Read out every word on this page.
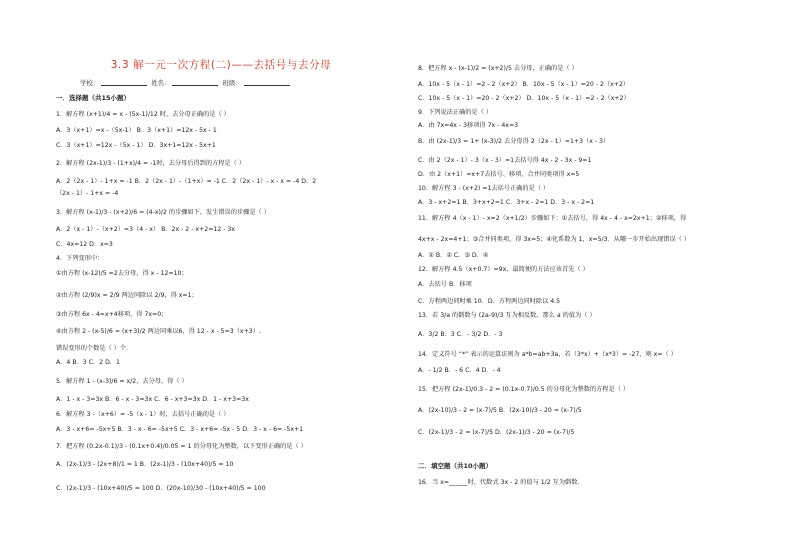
3.3 解一元一次方程(二)——去括号与去分母
学校：	姓名：	班级：
一．选择题（共15小题）
1．解方程 (x+1)/4 = x - (5x-1)/12 时，去分母正确的是（ ）
A．3（x+1）=x -（5x-1） B．3（x+1）=12x - 5x - 1
C．3（x+1）=12x -（5x - 1） D．3x+1=12x - 5x+1
2．解方程 (2x-1)/3 - (1+x)/4 = -1时，去分母后得到的方程是（ ）
A．2（2x - 1）- 1+x = -1 B．2（2x - 1）-（1+x）= -1 C．2（2x - 1）- x - x = -4 D．2
（2x - 1）- 1+x = -4
3．解方程 (x-1)/3 - (x+2)/6 = (4-x)/2 的步骤如下，发生错误的步骤是（ ）
A．2（x - 1）-（x+2）=3（4 - x） B．2x - 2 - x+2=12 - 3x
C．4x=12 D．x=3
4．下列变形中：
①由方程 (x-12)/5 =2去分母，得 x - 12=10；
②由方程 (2/9)x = 2/9 两边同除以 2/9，得 x=1；
③由方程 6x - 4=x+4移项，得 7x=0；
④由方程 2 - (x-5)/6 = (x+3)/2 两边同乘以6，得 12 - x - 5=3（x+3）.
错误变形的个数是（ ）个.
A．4 B．3 C．2 D．1
5．解方程 1 - (x-3)/6 = x/2，去分母，得（ ）
A．1 - x - 3=3x B．6 - x - 3=3x C．6 - x+3=3x D．1 - x+3=3x
6．解方程 3 -（x+6）= -5（x - 1）时，去括号正确的是（ ）
A．3 - x+6= -5x+5 B．3 - x - 6= -5x+5 C．3 - x+6= -5x - 5 D．3 - x - 6= -5x+1
7．把方程 (0.2x-0.1)/3 - (0.1x+0.4)/0.05 = 1 的分母化为整数，以下变形正确的是（ ）
A．(2x-1)/3 - (2x+8)/1 = 1 B．(2x-1)/3 - (10x+40)/5 = 10
C．(2x-1)/3 - (10x+40)/5 = 100 D．(20x-10)/30 - (10x+40)/5 = 100
8．把方程 x - (x-1)/2 = (x+2)/5 去分母，正确的是（ ）
A．10x - 5（x - 1）=2 - 2（x+2） B．10x - 5（x - 1）=20 - 2（x+2）
C．10x - 5（x - 1）=20 - 2（x+2） D．10x - 5（x - 1）=2 - 2（x+2）
9．下列说法正确的是（ ）
A．由 7x=4x - 3移项得 7x - 4x=3
B．由 (2x-1)/3 = 1+ (x-3)/2 去分母得 2（2x - 1）=1+3（x - 3）
C．由 2（2x - 1）- 3（x - 3）=1去括号得 4x - 2 - 3x - 9=1
D．由 2（x+1）=x+7去括号、移项、合并同类项得 x=5
10．解方程 3 - (x+2) =1去括号正确的是（ ）
A．3 - x+2=1 B．3+x+2=1 C．3+x - 2=1 D．3 - x - 2=1
11．解方程 4（x - 1）- x=2（x+1/2）步骤如下：①去括号，得 4x - 4 - x=2x+1；②移项，得
4x+x - 2x=4+1；③合并同类项，得 3x=5；④化系数为 1，x=5/3．从哪一步开始出现错误（ ）
A．① B．② C．③ D．④
12．解方程 4.5（x+0.7）=9x，最简便的方法应该首先（ ）
A．去括号 B．移项
C．方程两边同时乘 10．D．方程两边同时除以 4.5
13．若 3/a 的倒数与 (2a-9)/3 互为相反数，那么 a 的值为（ ）
A．3/2 B．3 C．- 3/2 D．- 3
14．定义符号 “*” 表示的运算法则为 a*b=ab+3a，若（3*x）+（x*3）= -27，则 x=（ ）
A．- 1/2 B．- 6 C．4 D．- 4
15．把方程 (2x-1)/0.3 - 2 = (0.1x-0.7)/0.5 的分母化为整数的方程是（ ）
A．(2x-10)/3 - 2 = (x-7)/5 B．(2x-10)/3 - 20 = (x-7)/5
C．(2x-1)/3 - 2 = (x-7)/5 D．(2x-1)/3 - 20 = (x-7)/5
二．填空题（共10小题）
16．当 x=______时，代数式 3x - 2 的值与 1/2 互为倒数.
